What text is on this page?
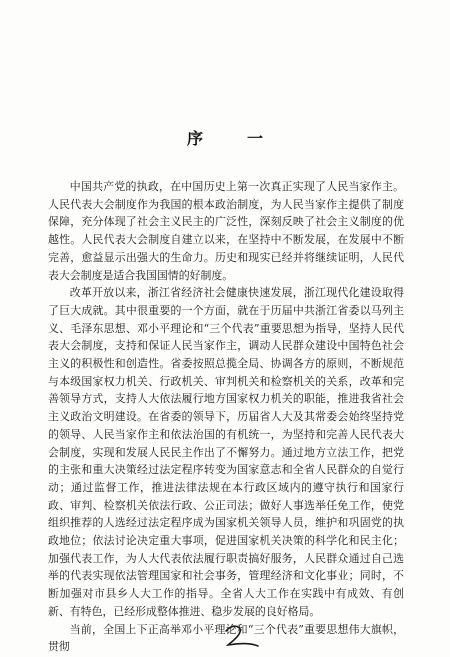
序	一

中国共产党的执政，在中国历史上第一次真正实现了人民当家作主。人民代表大会制度作为我国的根本政治制度，为人民当家作主提供了制度保障，充分体现了社会主义民主的广泛性，深刻反映了社会主义制度的优越性。人民代表大会制度自建立以来，在坚持中不断发展，在发展中不断完善，愈益显示出强大的生命力。历史和现实已经并将继续证明，人民代表大会制度是适合我国国情的好制度。

改革开放以来，浙江省经济社会健康快速发展，浙江现代化建设取得了巨大成就。其中很重要的一个方面，就在于历届中共浙江省委以马列主义、毛泽东思想、邓小平理论和“三个代表”重要思想为指导，坚持人民代表大会制度，支持和保证人民当家作主，调动人民群众建设中国特色社会主义的积极性和创造性。省委按照总揽全局、协调各方的原则，不断规范与本级国家权力机关、行政机关、审判机关和检察机关的关系，改革和完善领导方式，支持人大依法履行地方国家权力机关的职能，推进我省社会主义政治文明建设。在省委的领导下，历届省人大及其常委会始终坚持党的领导、人民当家作主和依法治国的有机统一，为坚持和完善人民代表大会制度，实现和发展人民民主作出了不懈努力。通过地方立法工作，把党的主张和重大决策经过法定程序转变为国家意志和全省人民群众的自觉行动；通过监督工作，推进法律法规在本行政区域内的遵守执行和国家行政、审判、检察机关依法行政、公正司法；做好人事选举任免工作，使党组织推荐的人选经过法定程序成为国家机关领导人员，维护和巩固党的执政地位；依法讨论决定重大事项，促进国家机关决策的科学化和民主化；加强代表工作，为人大代表依法履行职责搞好服务，人民群众通过自己选举的代表实现依法管理国家和社会事务，管理经济和文化事业；同时，不断加强对市县乡人大工作的指导。全省人大工作在实践中有成效、有创新、有特色，已经形成整体推进、稳步发展的良好格局。

当前，全国上下正高举邓小平理论和“三个代表”重要思想伟大旗帜，贯彻
